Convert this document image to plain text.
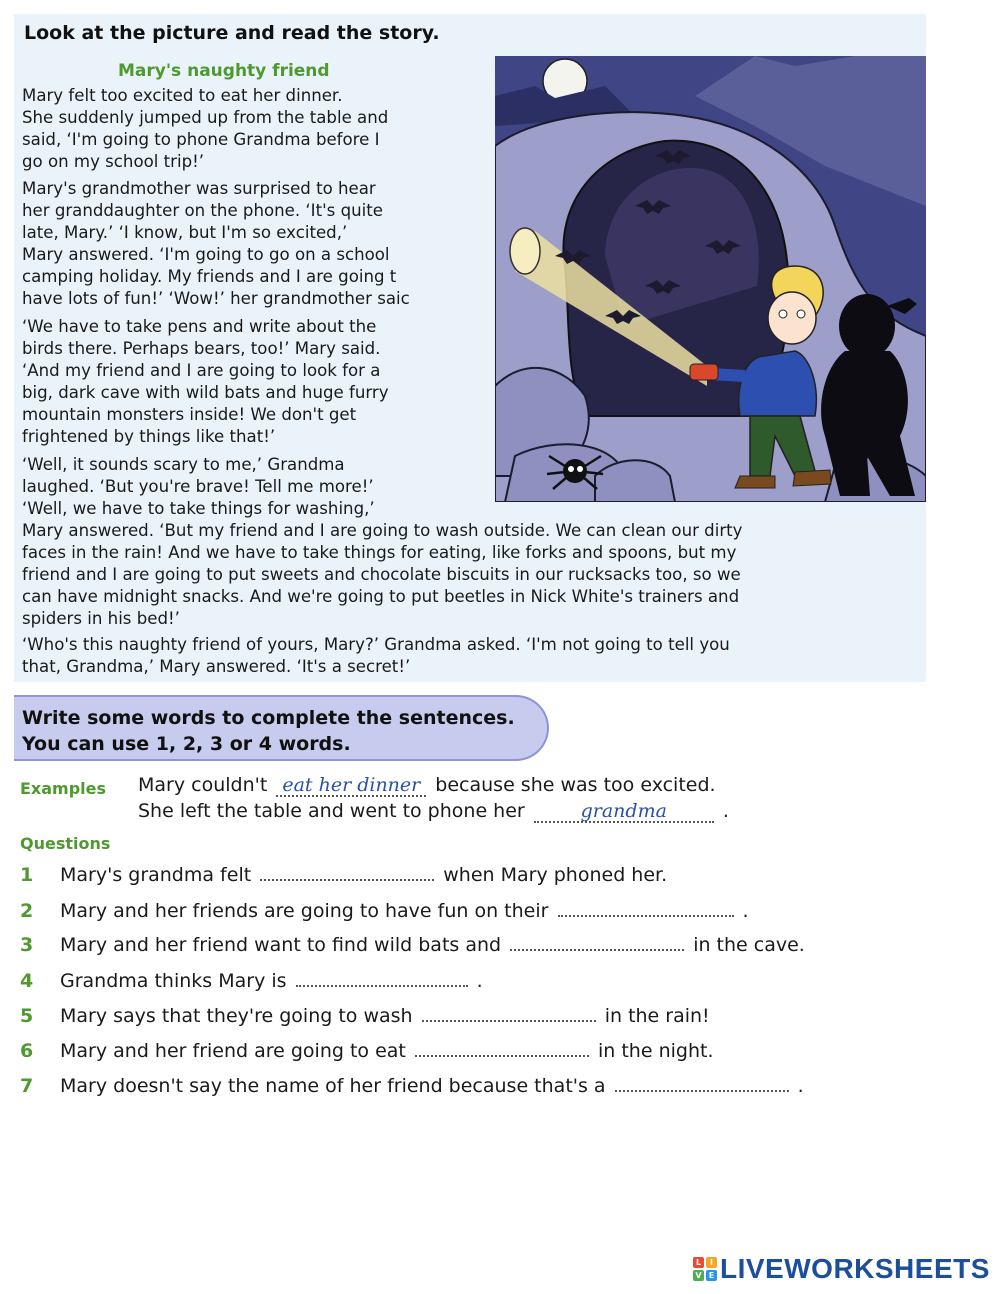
Look at the picture and read the story.
Mary's naughty friend
Mary felt too excited to eat her dinner.
She suddenly jumped up from the table and
said, ‘I'm going to phone Grandma before I
go on my school trip!’
Mary's grandmother was surprised to hear
her granddaughter on the phone. ‘It's quite
late, Mary.’ ‘I know, but I'm so excited,’
Mary answered. ‘I'm going to go on a school
camping holiday. My friends and I are going t
have lots of fun!’ ‘Wow!’ her grandmother saic
‘We have to take pens and write about the
birds there. Perhaps bears, too!’ Mary said.
‘And my friend and I are going to look for a
big, dark cave with wild bats and huge furry
mountain monsters inside! We don't get
frightened by things like that!’
‘Well, it sounds scary to me,’ Grandma
laughed. ‘But you're brave! Tell me more!’
‘Well, we have to take things for washing,’
Mary answered. ‘But my friend and I are going to wash outside. We can clean our dirty
faces in the rain! And we have to take things for eating, like forks and spoons, but my
friend and I are going to put sweets and chocolate biscuits in our rucksacks too, so we
can have midnight snacks. And we're going to put beetles in Nick White's trainers and
spiders in his bed!’
‘Who's this naughty friend of yours, Mary?’ Grandma asked. ‘I'm not going to tell you
that, Grandma,’ Mary answered. ‘It's a secret!’
Write some words to complete the sentences.
You can use 1, 2, 3 or 4 words.
Examples Mary couldn't eat her dinner because she was too excited.
She left the table and went to phone her	grandma	.
Questions
1 Mary's grandma felt	when Mary phoned her.
2 Mary and her friends are going to have fun on their	.
3 Mary and her friend want to find wild bats and	in the cave.
4 Grandma thinks Mary is	.
5 Mary says that they're going to wash	in the rain!
6 Mary and her friend are going to eat	in the night.
7 Mary doesn't say the name of her friend because that's a	.
L	I
V E LIVEWORKSHEETS
